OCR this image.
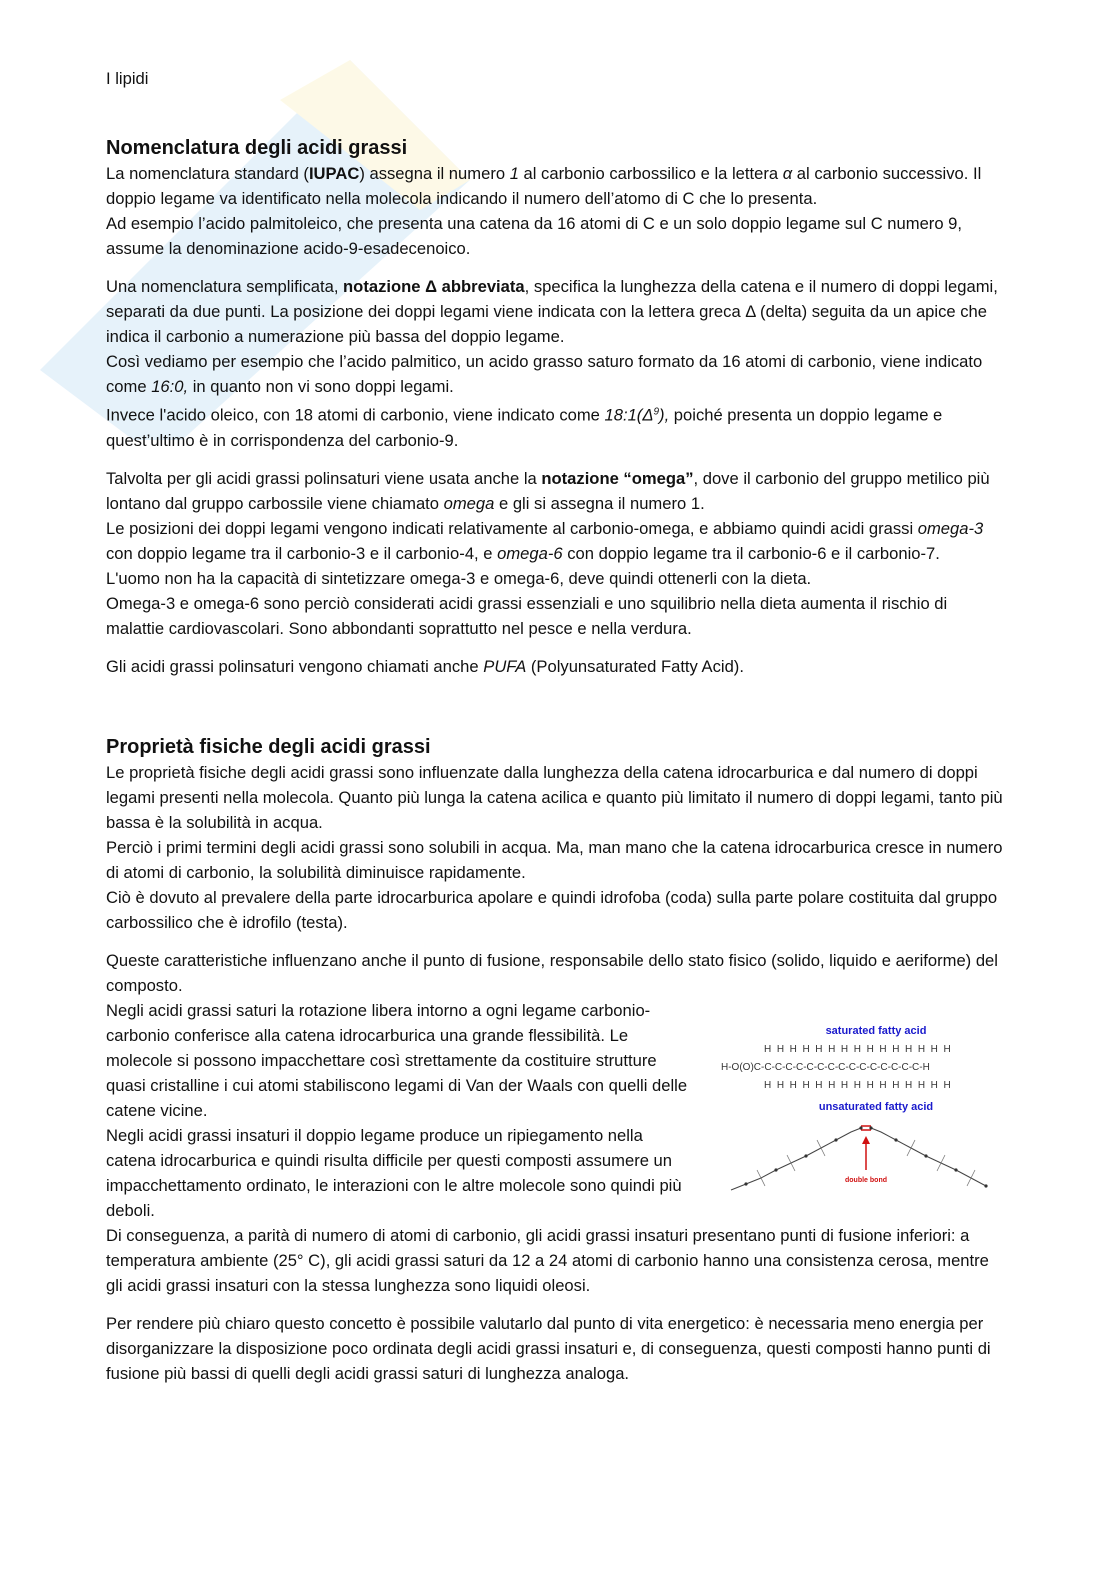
I lipidi
Nomenclatura degli acidi grassi

La nomenclatura standard (IUPAC) assegna il numero 1 al carbonio carbossilico e la lettera α al carbonio successivo. Il doppio legame va identificato nella molecola indicando il numero dell’atomo di C che lo presenta.
Ad esempio l’acido palmitoleico, che presenta una catena da 16 atomi di C e un solo doppio legame sul C numero 9, assume la denominazione acido-9-esadecenoico.

Una nomenclatura semplificata, notazione Δ abbreviata, specifica la lunghezza della catena e il numero di doppi legami, separati da due punti. La posizione dei doppi legami viene indicata con la lettera greca Δ (delta) seguita da un apice che indica il carbonio a numerazione più bassa del doppio legame.
Così vediamo per esempio che l’acido palmitico, un acido grasso saturo formato da 16 atomi di carbonio, viene indicato come 16:0, in quanto non vi sono doppi legami.
Invece l'acido oleico, con 18 atomi di carbonio, viene indicato come $18:1(\Delta^9)$, poiché presenta un doppio legame e quest’ultimo è in corrispondenza del carbonio-9.

Talvolta per gli acidi grassi polinsaturi viene usata anche la notazione “omega”, dove il carbonio del gruppo metilico più lontano dal gruppo carbossile viene chiamato omega e gli si assegna il numero 1.
Le posizioni dei doppi legami vengono indicati relativamente al carbonio-omega, e abbiamo quindi acidi grassi omega-3 con doppio legame tra il carbonio-3 e il carbonio-4, e omega-6 con doppio legame tra il carbonio-6 e il carbonio-7.
L'uomo non ha la capacità di sintetizzare omega-3 e omega-6, deve quindi ottenerli con la dieta.
Omega-3 e omega-6 sono perciò considerati acidi grassi essenziali e uno squilibrio nella dieta aumenta il rischio di malattie cardiovascolari. Sono abbondanti soprattutto nel pesce e nella verdura.

Gli acidi grassi polinsaturi vengono chiamati anche PUFA (Polyunsaturated Fatty Acid).

Proprietà fisiche degli acidi grassi

Le proprietà fisiche degli acidi grassi sono influenzate dalla lunghezza della catena idrocarburica e dal numero di doppi legami presenti nella molecola. Quanto più lunga la catena acilica e quanto più limitato il numero di doppi legami, tanto più bassa è la solubilità in acqua.
Perciò i primi termini degli acidi grassi sono solubili in acqua. Ma, man mano che la catena idrocarburica cresce in numero di atomi di carbonio, la solubilità diminuisce rapidamente.
Ciò è dovuto al prevalere della parte idrocarburica apolare e quindi idrofoba (coda) sulla parte polare costituita dal gruppo carbossilico che è idrofilo (testa).

Queste caratteristiche influenzano anche il punto di fusione, responsabile dello stato fisico (solido, liquido e aeriforme) del composto.

saturated fatty acid
HHHHHHHHHHHHHHH
H-O(O)C-C-C-C-C-C-C-C-C-C-C-C-C-C-C-C-H
HHHHHHHHHHHHHHH
unsaturated fatty acid
double bond
Negli acidi grassi saturi la rotazione libera intorno a ogni legame carbonio-carbonio conferisce alla catena idrocarburica una grande flessibilità. Le molecole si possono impacchettare così strettamente da costituire strutture quasi cristalline i cui atomi stabiliscono legami di Van der Waals con quelli delle catene vicine.
Negli acidi grassi insaturi il doppio legame produce un ripiegamento nella catena idrocarburica e quindi risulta difficile per questi composti assumere un impacchettamento ordinato, le interazioni con le altre molecole sono quindi più deboli.
Di conseguenza, a parità di numero di atomi di carbonio, gli acidi grassi insaturi presentano punti di fusione inferiori: a temperatura ambiente (25° C), gli acidi grassi saturi da 12 a 24 atomi di carbonio hanno una consistenza cerosa, mentre gli acidi grassi insaturi con la stessa lunghezza sono liquidi oleosi.

Per rendere più chiaro questo concetto è possibile valutarlo dal punto di vita energetico: è necessaria meno energia per disorganizzare la disposizione poco ordinata degli acidi grassi insaturi e, di conseguenza, questi composti hanno punti di fusione più bassi di quelli degli acidi grassi saturi di lunghezza analoga.
